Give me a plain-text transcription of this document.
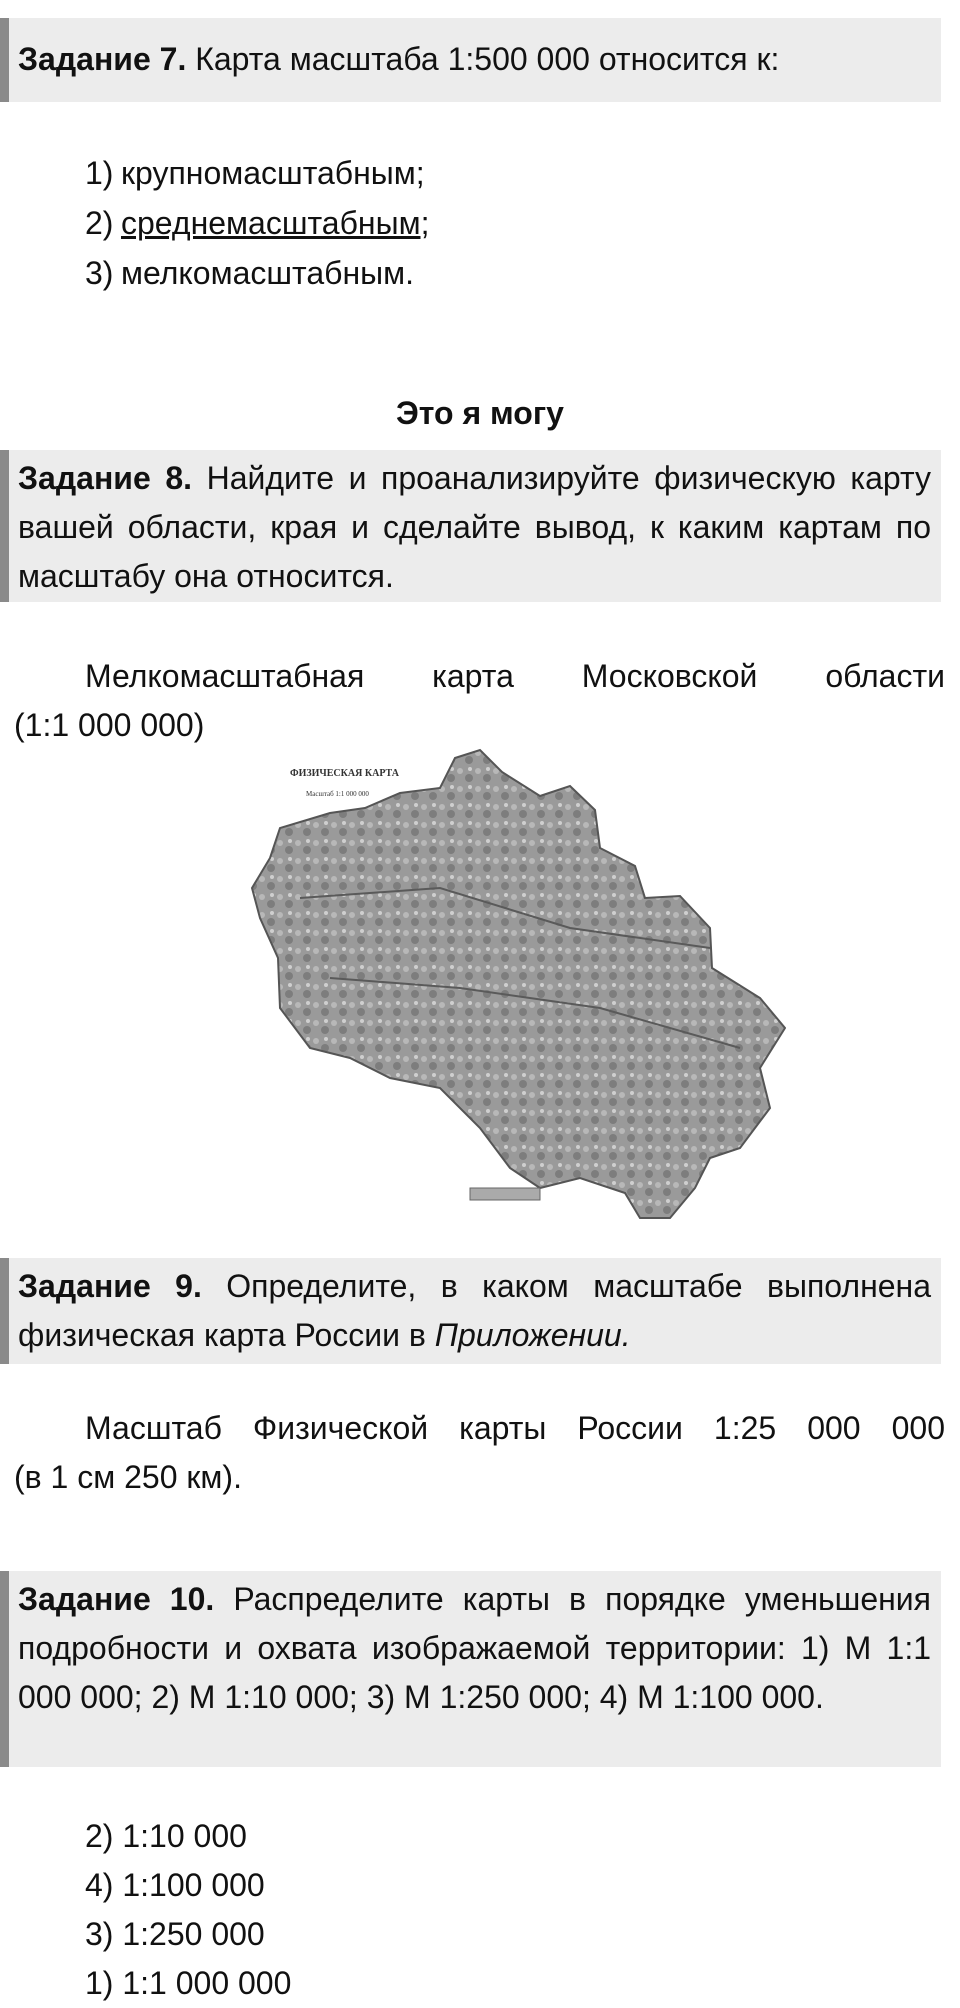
Задание 7. Карта масштаба 1:500 000 относится к:
1) крупномасштабным;
2) среднемасштабным;
3) мелкомасштабным.
Это я могу
Задание 8. Найдите и проанализируйте физическую карту вашей области, края и сделайте вывод, к каким картам по масштабу она относится.
Мелкомасштабная карта Московской области
(1:1 000 000)
ФИЗИЧЕСКАЯ КАРТА
Масштаб 1:1 000 000
Задание 9. Определите, в каком масштабе выполнена физическая карта России в Приложении.
Масштаб Физической карты России 1:25 000 000
(в 1 см 250 км).
Задание 10. Распределите карты в порядке уменьшения подробности и охвата изображаемой территории: 1) М 1:1 000 000; 2) М 1:10 000; 3) М 1:250 000; 4) М 1:100 000.
2) 1:10 000
4) 1:100 000
3) 1:250 000
1) 1:1 000 000
